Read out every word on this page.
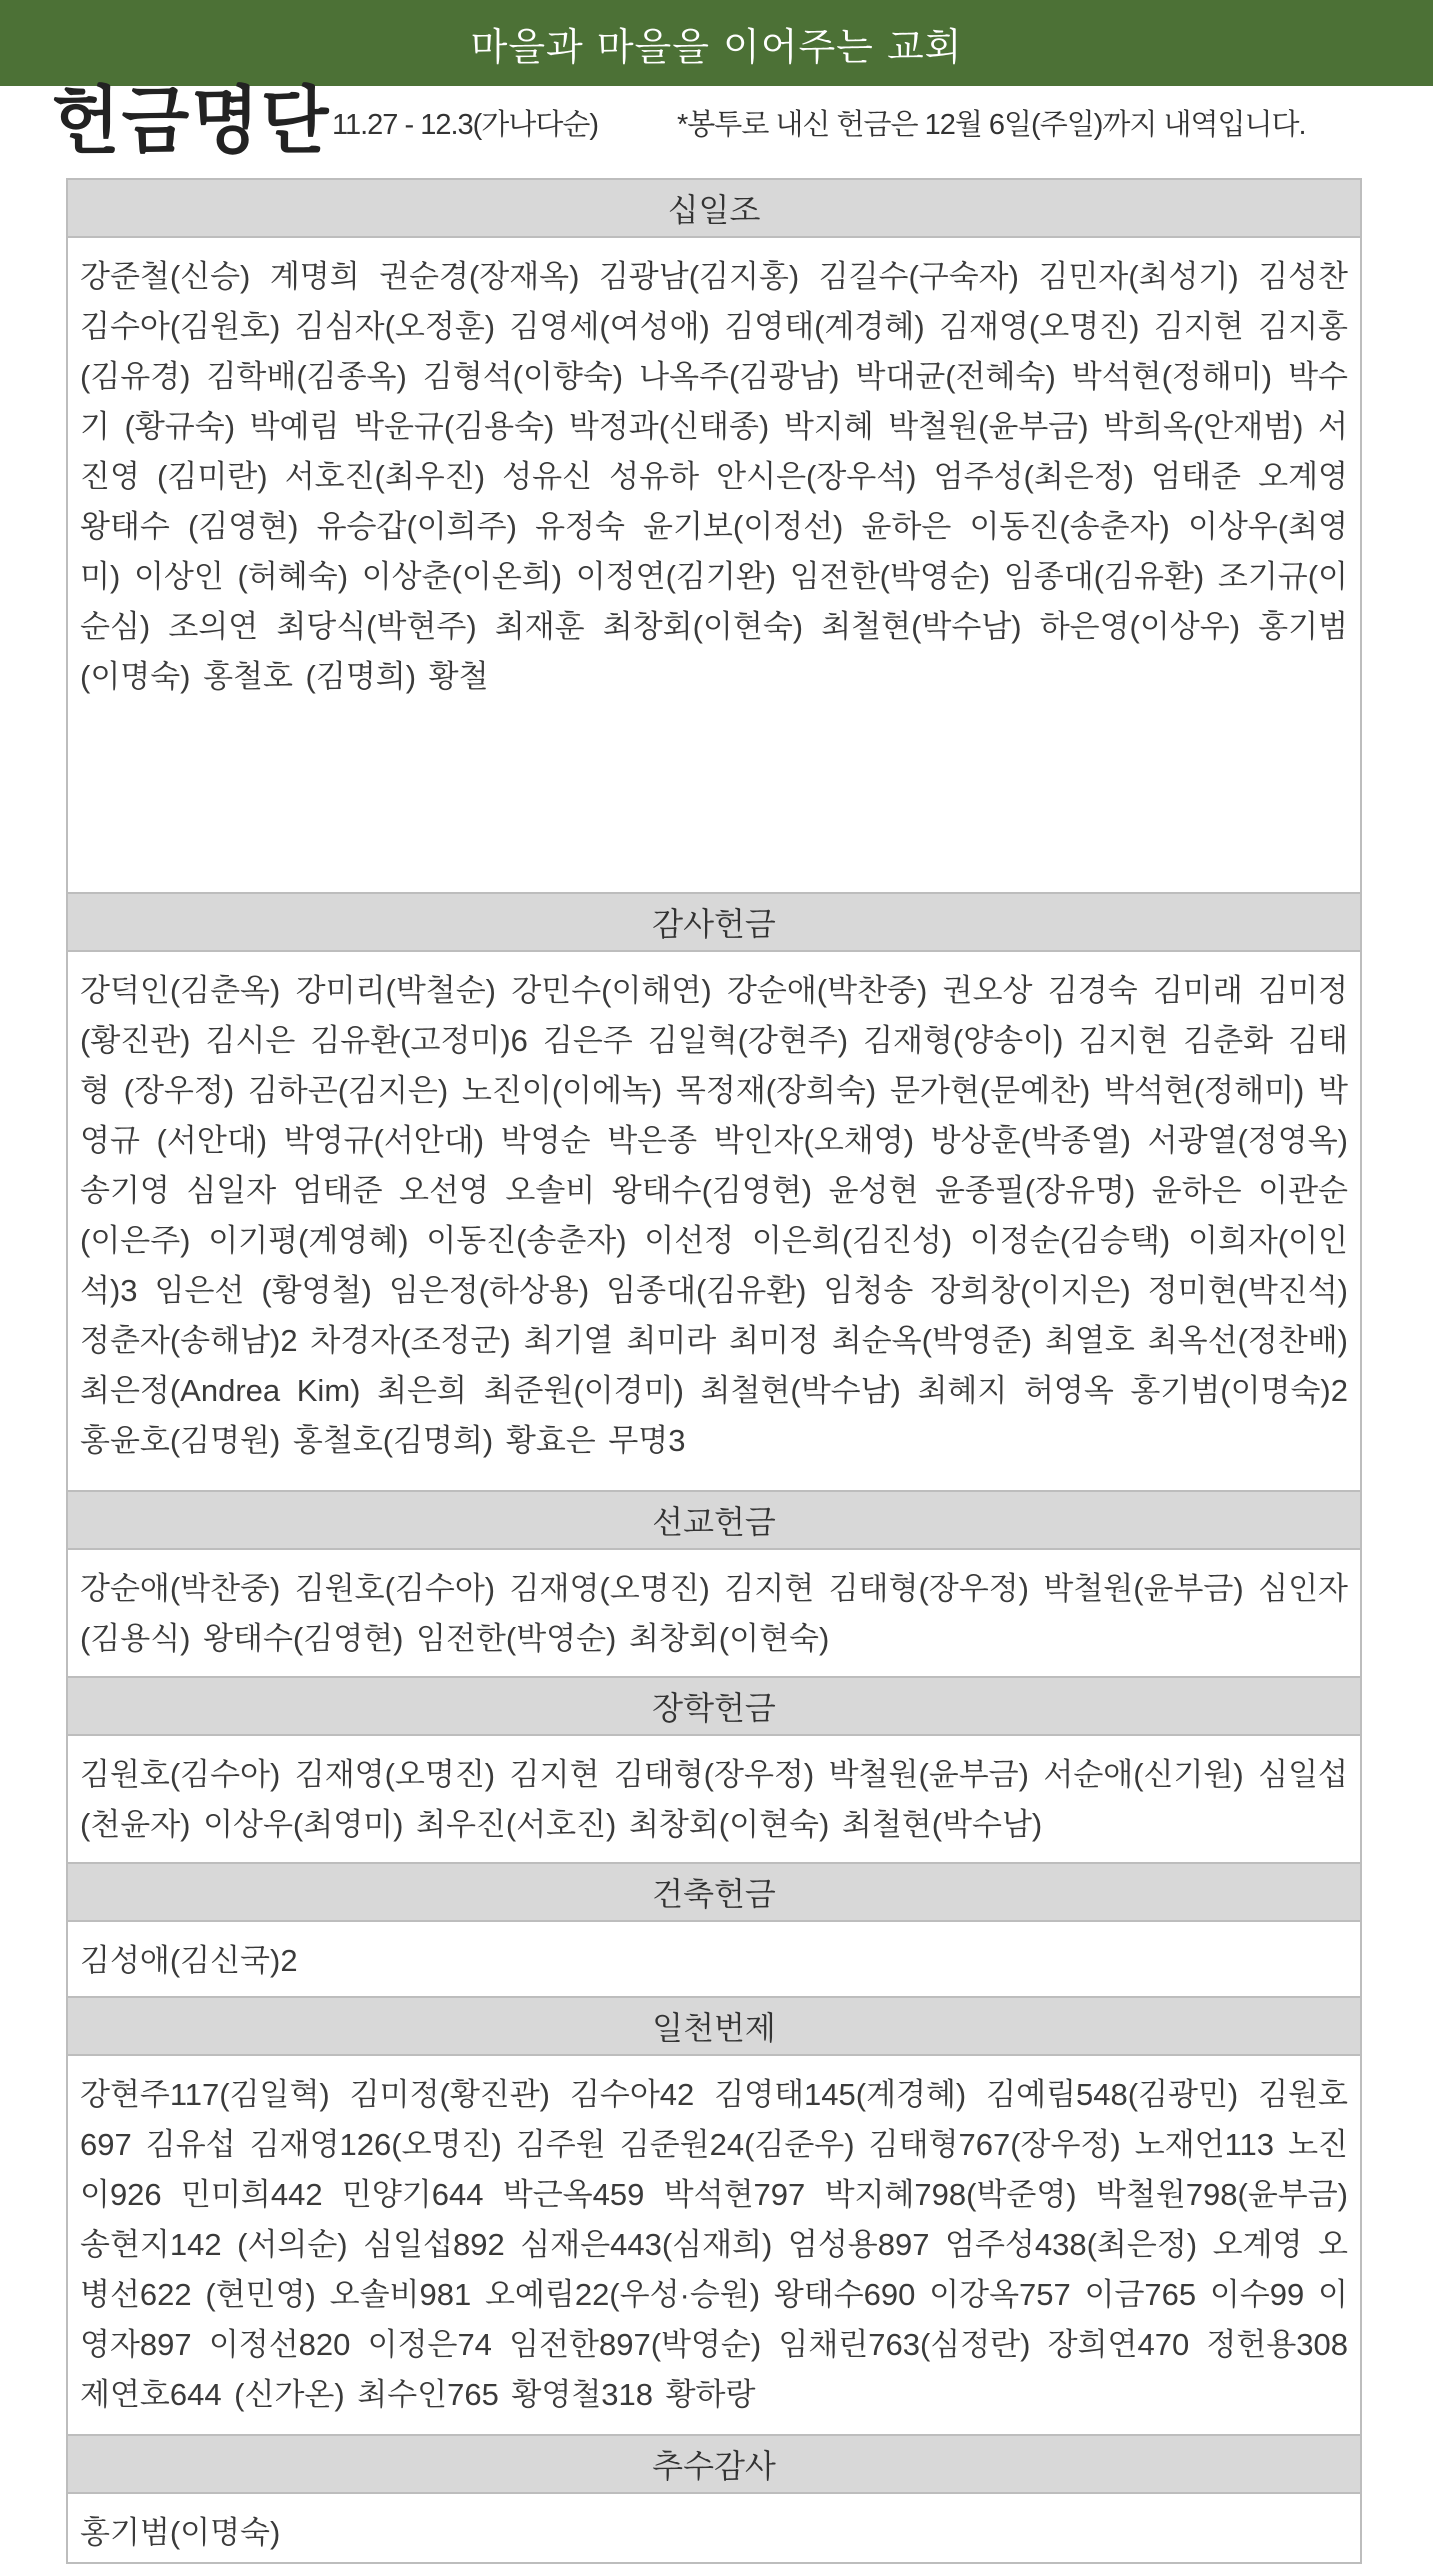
마을과 마을을 이어주는 교회
헌금명단 11.27 - 12.3(가나다순)	*봉투로 내신 헌금은 12월 6일(주일)까지 내역입니다.
십일조
강준철(신승) 계명희 권순경(장재옥) 김광남(김지홍) 김길수(구숙자) 김민자(최성기) 김성찬 김수아(김원호) 김심자(오정훈) 김영세(여성애) 김영태(계경혜) 김재영(오명진) 김지현 김지홍 (김유경) 김학배(김종옥) 김형석(이향숙) 나옥주(김광남) 박대균(전혜숙) 박석현(정해미) 박수기 (황규숙) 박예림 박운규(김용숙) 박정과(신태종) 박지혜 박철원(윤부금) 박희옥(안재범) 서진영 (김미란) 서호진(최우진) 성유신 성유하 안시은(장우석) 엄주성(최은정) 엄태준 오계영 왕태수 (김영현) 유승갑(이희주) 유정숙 윤기보(이정선) 윤하은 이동진(송춘자) 이상우(최영미) 이상인 (허혜숙) 이상춘(이온희) 이정연(김기완) 임전한(박영순) 임종대(김유환) 조기규(이순심) 조의연 최당식(박현주) 최재훈 최창회(이현숙) 최철현(박수남) 하은영(이상우) 홍기범(이명숙) 홍철호 (김명희) 황철
감사헌금
강덕인(김춘옥) 강미리(박철순) 강민수(이해연) 강순애(박찬중) 권오상 김경숙 김미래 김미정 (황진관) 김시은 김유환(고정미)6 김은주 김일혁(강현주) 김재형(양송이) 김지현 김춘화 김태형 (장우정) 김하곤(김지은) 노진이(이에녹) 목정재(장희숙) 문가현(문예찬) 박석현(정해미) 박영규 (서안대) 박영규(서안대) 박영순 박은종 박인자(오채영) 방상훈(박종열) 서광열(정영옥) 송기영 심일자 엄태준 오선영 오솔비 왕태수(김영현) 윤성현 윤종필(장유명) 윤하은 이관순(이은주) 이기평(계영혜) 이동진(송춘자) 이선정 이은희(김진성) 이정순(김승택) 이희자(이인석)3 임은선 (황영철) 임은정(하상용) 임종대(김유환) 임청송 장희창(이지은) 정미현(박진석) 정춘자(송해남)2 차경자(조정군) 최기열 최미라 최미정 최순옥(박영준) 최열호 최옥선(정찬배) 최은정(Andrea Kim) 최은희 최준원(이경미) 최철현(박수남) 최혜지 허영옥 홍기범(이명숙)2 홍윤호(김명원) 홍철호(김명희) 황효은 무명3
선교헌금
강순애(박찬중) 김원호(김수아) 김재영(오명진) 김지현 김태형(장우정) 박철원(윤부금) 심인자 (김용식) 왕태수(김영현) 임전한(박영순) 최창회(이현숙)
장학헌금
김원호(김수아) 김재영(오명진) 김지현 김태형(장우정) 박철원(윤부금) 서순애(신기원) 심일섭 (천윤자) 이상우(최영미) 최우진(서호진) 최창회(이현숙) 최철현(박수남)
건축헌금
김성애(김신국)2
일천번제
강현주117(김일혁) 김미정(황진관) 김수아42 김영태145(계경혜) 김예림548(김광민) 김원호697 김유섭 김재영126(오명진) 김주원 김준원24(김준우) 김태형767(장우정) 노재언113 노진이926 민미희442 민양기644 박근옥459 박석현797 박지혜798(박준영) 박철원798(윤부금) 송현지142 (서의순) 심일섭892 심재은443(심재희) 엄성용897 엄주성438(최은정) 오계영 오병선622 (현민영) 오솔비981 오예림22(우성·승원) 왕태수690 이강옥757 이금765 이수99 이영자897 이정선820 이정은74 임전한897(박영순) 임채린763(심정란) 장희연470 정헌용308 제연호644 (신가온) 최수인765 황영철318 황하랑
추수감사
홍기범(이명숙)
